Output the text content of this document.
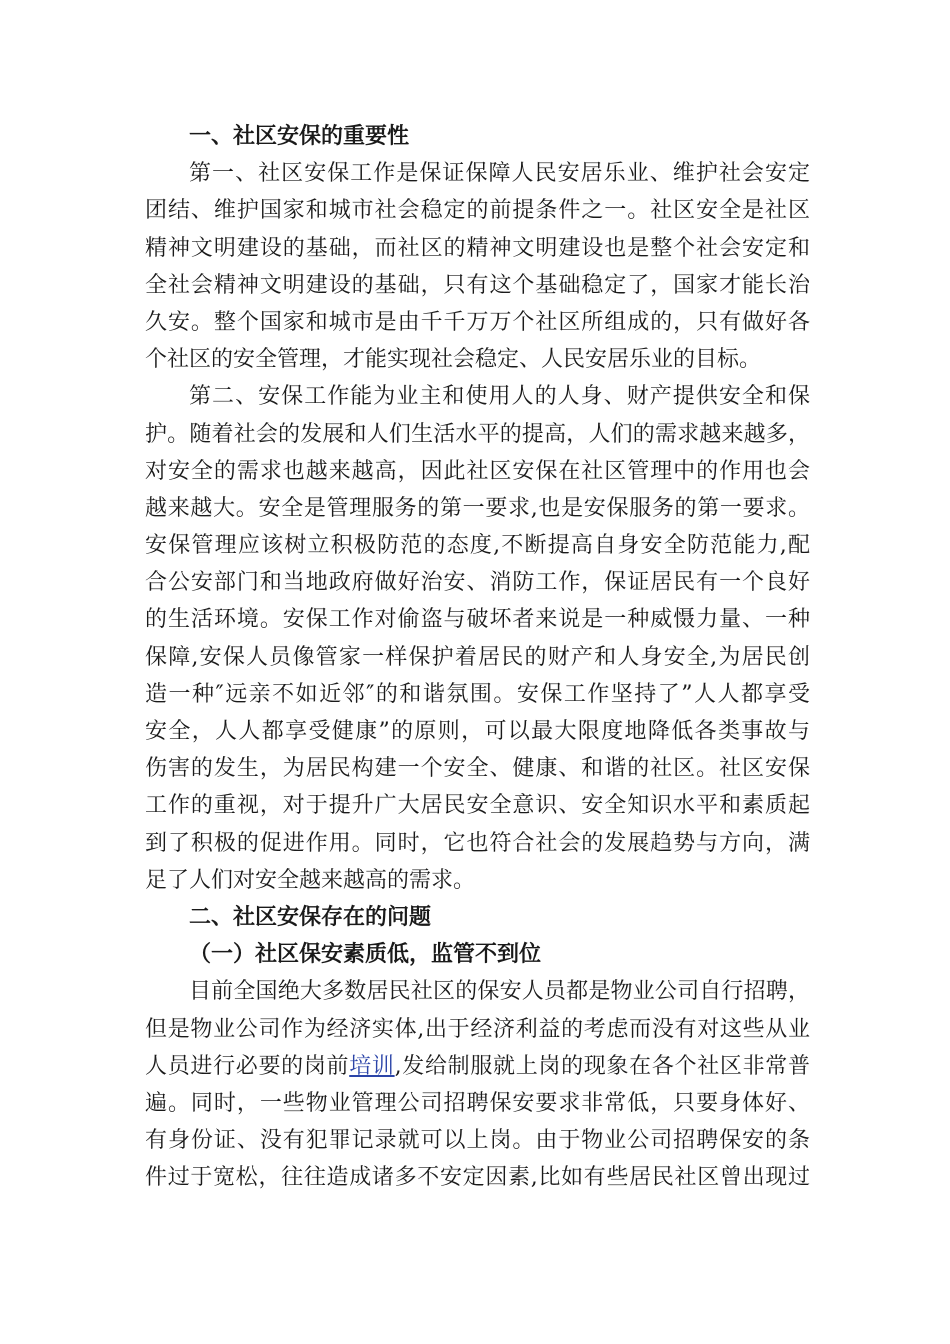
一、社区安保的重要性
第一、社区安保工作是保证保障人民安居乐业、维护社会安定
团结、维护国家和城市社会稳定的前提条件之一。社区安全是社区
精神文明建设的基础，而社区的精神文明建设也是整个社会安定和
全社会精神文明建设的基础，只有这个基础稳定了，国家才能长治
久安。整个国家和城市是由千千万万个社区所组成的，只有做好各
个社区的安全管理，才能实现社会稳定、人民安居乐业的目标。
第二、安保工作能为业主和使用人的人身、财产提供安全和保
护。随着社会的发展和人们生活水平的提高，人们的需求越来越多，
对安全的需求也越来越高，因此社区安保在社区管理中的作用也会
越来越大。安全是管理服务的第一要求,也是安保服务的第一要求。
安保管理应该树立积极防范的态度,不断提高自身安全防范能力,配
合公安部门和当地政府做好治安、消防工作，保证居民有一个良好
的生活环境。安保工作对偷盗与破坏者来说是一种威慑力量、一种
保障,安保人员像管家一样保护着居民的财产和人身安全,为居民创
造一种″远亲不如近邻″的和谐氛围。安保工作坚持了”人人都享受
安全，人人都享受健康”的原则，可以最大限度地降低各类事故与
伤害的发生，为居民构建一个安全、健康、和谐的社区。社区安保
工作的重视，对于提升广大居民安全意识、安全知识水平和素质起
到了积极的促进作用。同时，它也符合社会的发展趋势与方向，满
足了人们对安全越来越高的需求。
二、社区安保存在的问题
（一）社区保安素质低，监管不到位
目前全国绝大多数居民社区的保安人员都是物业公司自行招聘，
但是物业公司作为经济实体,出于经济利益的考虑而没有对这些从业
人员进行必要的岗前培训,发给制服就上岗的现象在各个社区非常普
遍。同时，一些物业管理公司招聘保安要求非常低，只要身体好、
有身份证、没有犯罪记录就可以上岗。由于物业公司招聘保安的条
件过于宽松，往往造成诸多不安定因素,比如有些居民社区曾出现过
